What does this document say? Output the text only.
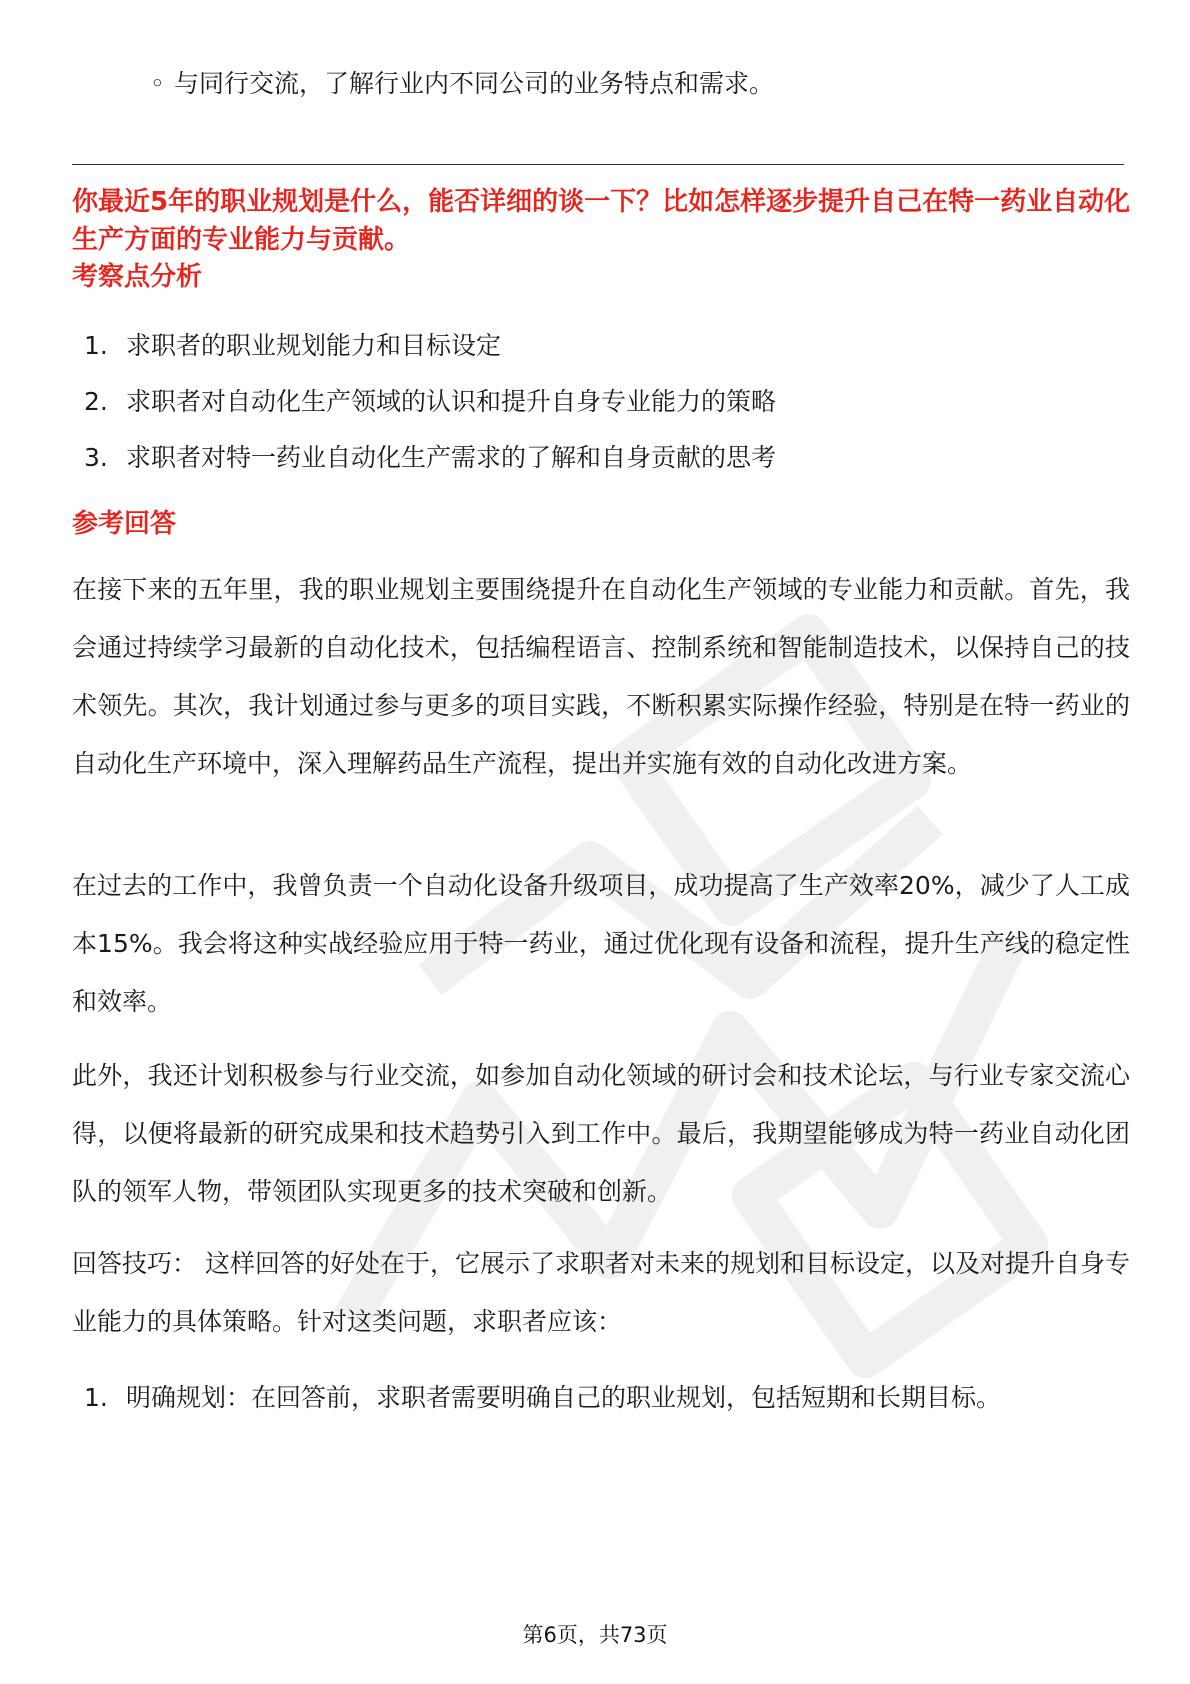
◦ 与同行交流，了解行业内不同公司的业务特点和需求。
你最近5年的职业规划是什么，能否详细的谈一下？比如怎样逐步提升自己在特一药业自动化生产方面的专业能力与贡献。
考察点分析
1. 求职者的职业规划能力和目标设定
2. 求职者对自动化生产领域的认识和提升自身专业能力的策略
3. 求职者对特一药业自动化生产需求的了解和自身贡献的思考
参考回答
在接下来的五年里，我的职业规划主要围绕提升在自动化生产领域的专业能力和贡献。首先，我会通过持续学习最新的自动化技术，包括编程语言、控制系统和智能制造技术，以保持自己的技术领先。其次，我计划通过参与更多的项目实践，不断积累实际操作经验，特别是在特一药业的自动化生产环境中，深入理解药品生产流程，提出并实施有效的自动化改进方案。
在过去的工作中，我曾负责一个自动化设备升级项目，成功提高了生产效率20%，减少了人工成本15%。我会将这种实战经验应用于特一药业，通过优化现有设备和流程，提升生产线的稳定性和效率。
此外，我还计划积极参与行业交流，如参加自动化领域的研讨会和技术论坛，与行业专家交流心得，以便将最新的研究成果和技术趋势引入到工作中。最后，我期望能够成为特一药业自动化团队的领军人物，带领团队实现更多的技术突破和创新。
回答技巧： 这样回答的好处在于，它展示了求职者对未来的规划和目标设定，以及对提升自身专业能力的具体策略。针对这类问题，求职者应该：
1. 明确规划：在回答前，求职者需要明确自己的职业规划，包括短期和长期目标。
第6页，共73页
